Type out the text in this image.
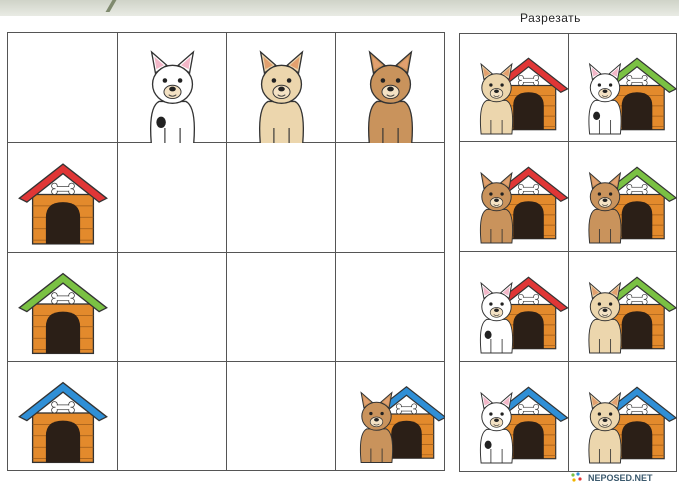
Разрезать
NEPOSED.NET
